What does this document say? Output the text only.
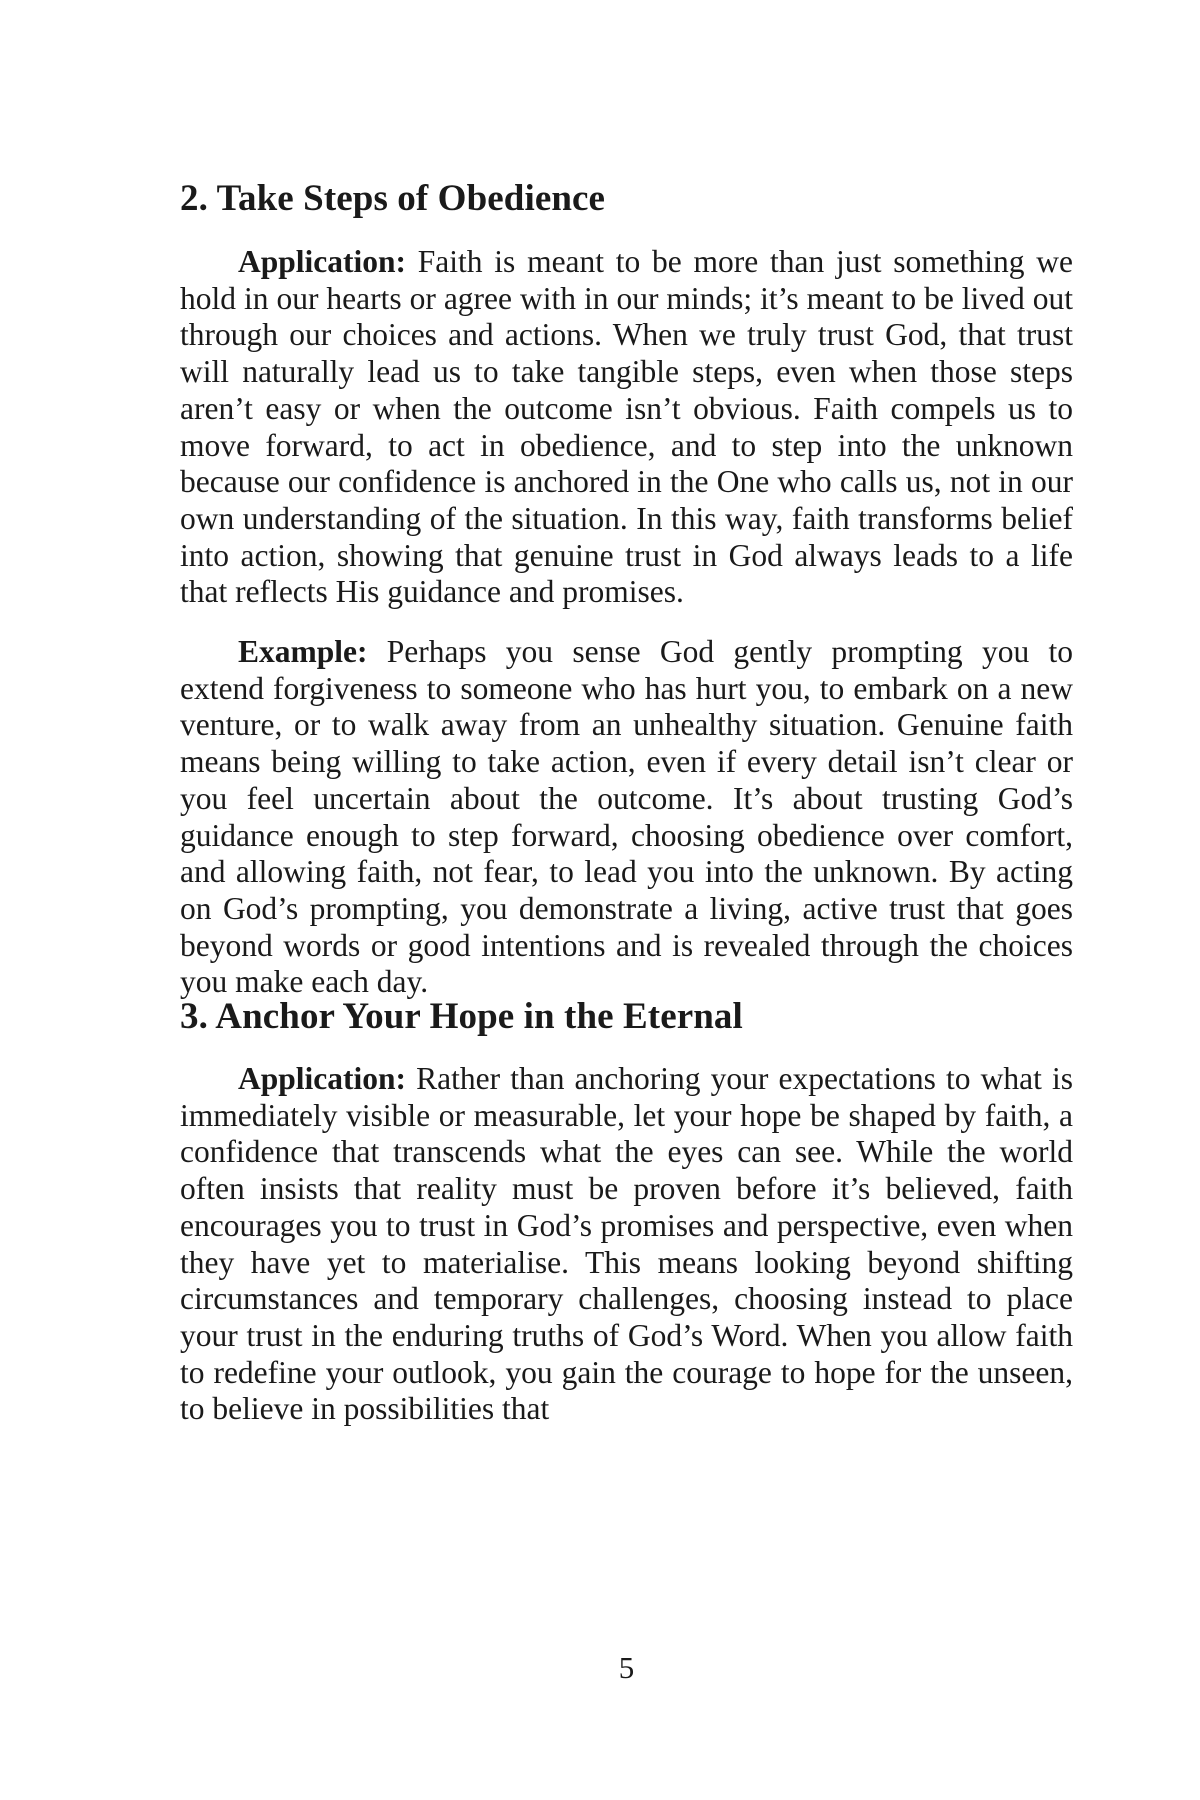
2. Take Steps of Obedience

Application: Faith is meant to be more than just something we hold in our hearts or agree with in our minds; it’s meant to be lived out through our choices and actions. When we truly trust God, that trust will naturally lead us to take tangible steps, even when those steps aren’t easy or when the outcome isn’t obvious. Faith compels us to move forward, to act in obedience, and to step into the unknown because our confidence is anchored in the One who calls us, not in our own understanding of the situation. In this way, faith transforms belief into action, showing that genuine trust in God always leads to a life that reflects His guidance and promises.

Example: Perhaps you sense God gently prompting you to extend forgiveness to someone who has hurt you, to embark on a new venture, or to walk away from an unhealthy situation. Genuine faith means being willing to take action, even if every detail isn’t clear or you feel uncertain about the outcome. It’s about trusting God’s guidance enough to step forward, choosing obedience over comfort, and allowing faith, not fear, to lead you into the unknown. By acting on God’s prompting, you demonstrate a living, active trust that goes beyond words or good intentions and is revealed through the choices you make each day.

3. Anchor Your Hope in the Eternal

Application: Rather than anchoring your expectations to what is immediately visible or measurable, let your hope be shaped by faith, a confidence that transcends what the eyes can see. While the world often insists that reality must be proven before it’s believed, faith encourages you to trust in God’s promises and perspective, even when they have yet to materialise. This means looking beyond shifting circumstances and temporary challenges, choosing instead to place your trust in the enduring truths of God’s Word. When you allow faith to redefine your outlook, you gain the courage to hope for the unseen, to believe in possibilities that

5
